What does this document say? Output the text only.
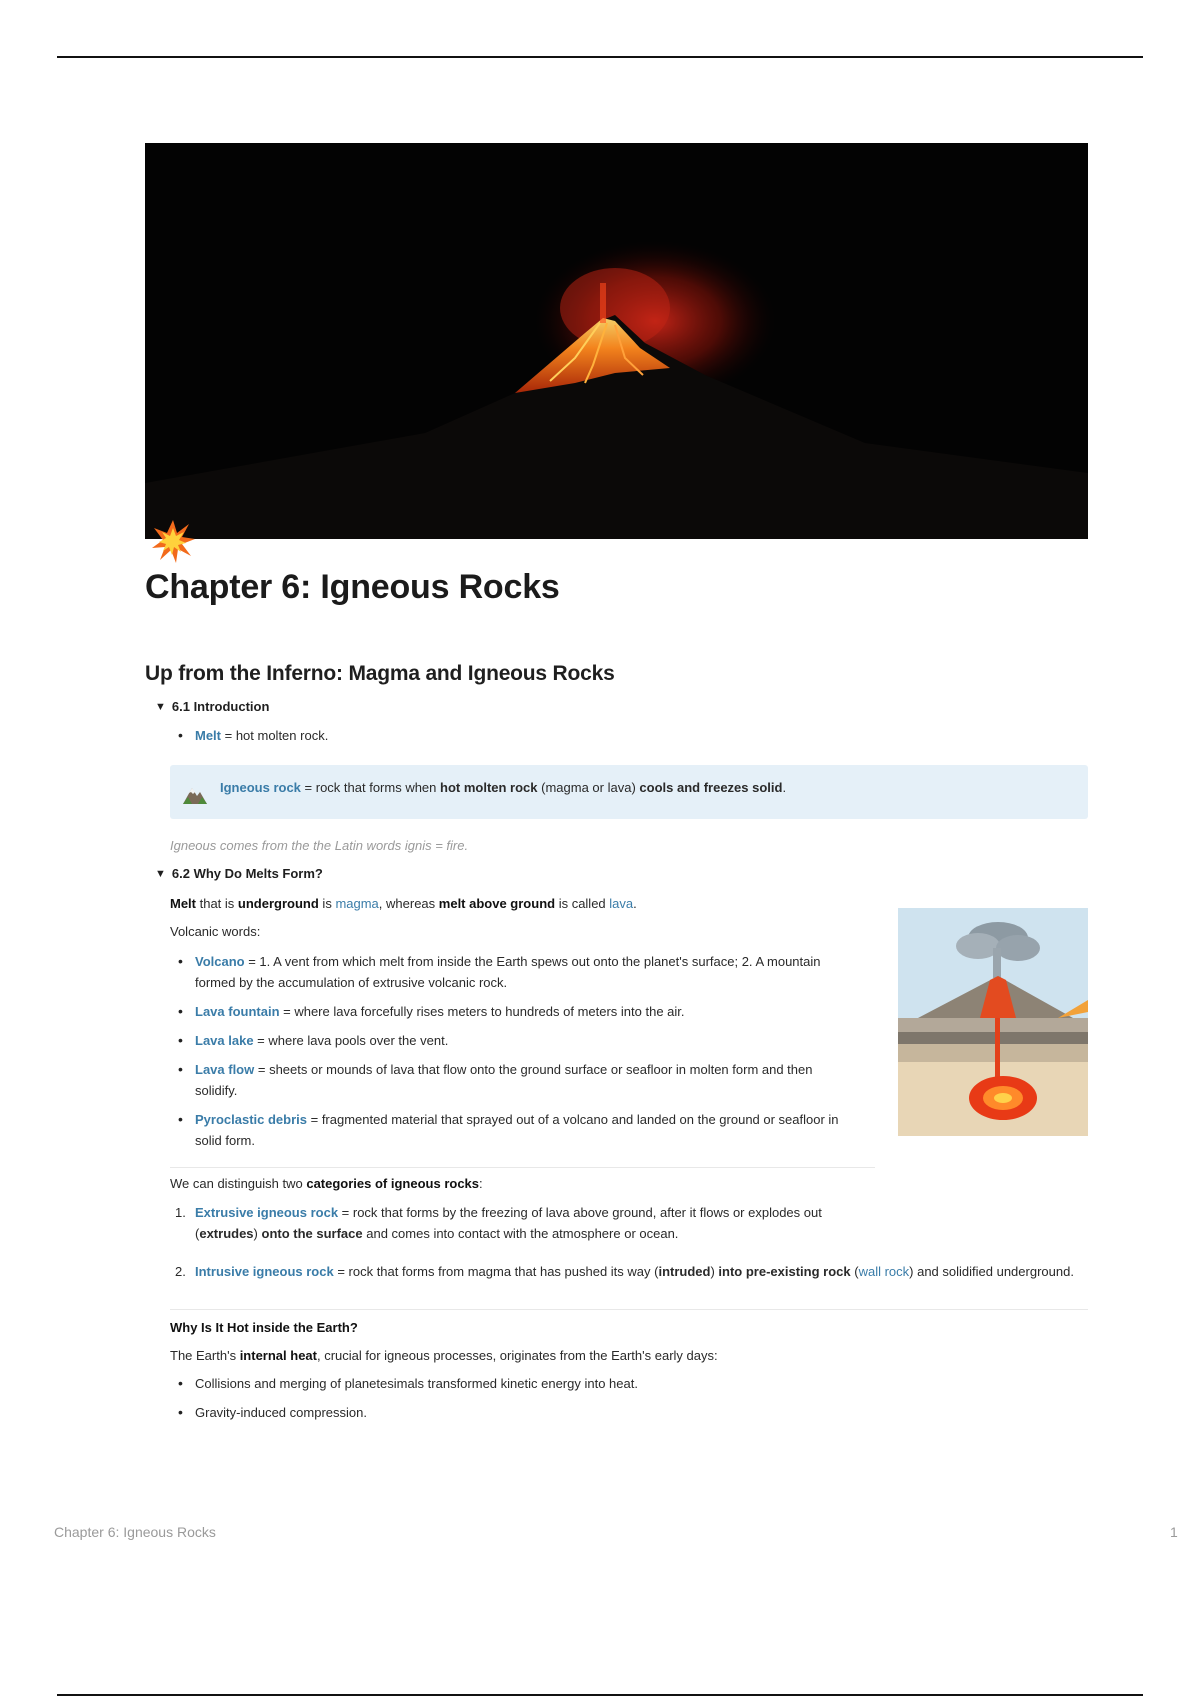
Chapter 6: Igneous Rocks
Up from the Inferno: Magma and Igneous Rocks
▼ 6.1 Introduction
• Melt = hot molten rock.
Igneous rock = rock that forms when hot molten rock (magma or lava) cools and freezes solid.
Igneous comes from the the Latin words ignis = fire.
▼ 6.2 Why Do Melts Form?
Melt that is underground is magma, whereas melt above ground is called lava.
Volcanic words:
• Volcano = 1. A vent from which melt from inside the Earth spews out onto the planet's surface; 2. A mountain formed by the accumulation of extrusive volcanic rock.
• Lava fountain = where lava forcefully rises meters to hundreds of meters into the air.
• Lava lake = where lava pools over the vent.
• Lava flow = sheets or mounds of lava that flow onto the ground surface or seafloor in molten form and then solidify.
• Pyroclastic debris = fragmented material that sprayed out of a volcano and landed on the ground or seafloor in solid form.
We can distinguish two categories of igneous rocks:
1. Extrusive igneous rock = rock that forms by the freezing of lava above ground, after it flows or explodes out (extrudes) onto the surface and comes into contact with the atmosphere or ocean.
2. Intrusive igneous rock = rock that forms from magma that has pushed its way (intruded) into pre-existing rock (wall rock) and solidified underground.
Why Is It Hot inside the Earth?
The Earth's internal heat, crucial for igneous processes, originates from the Earth's early days:
• Collisions and merging of planetesimals transformed kinetic energy into heat.
• Gravity-induced compression.
Chapter 6: Igneous Rocks	1
